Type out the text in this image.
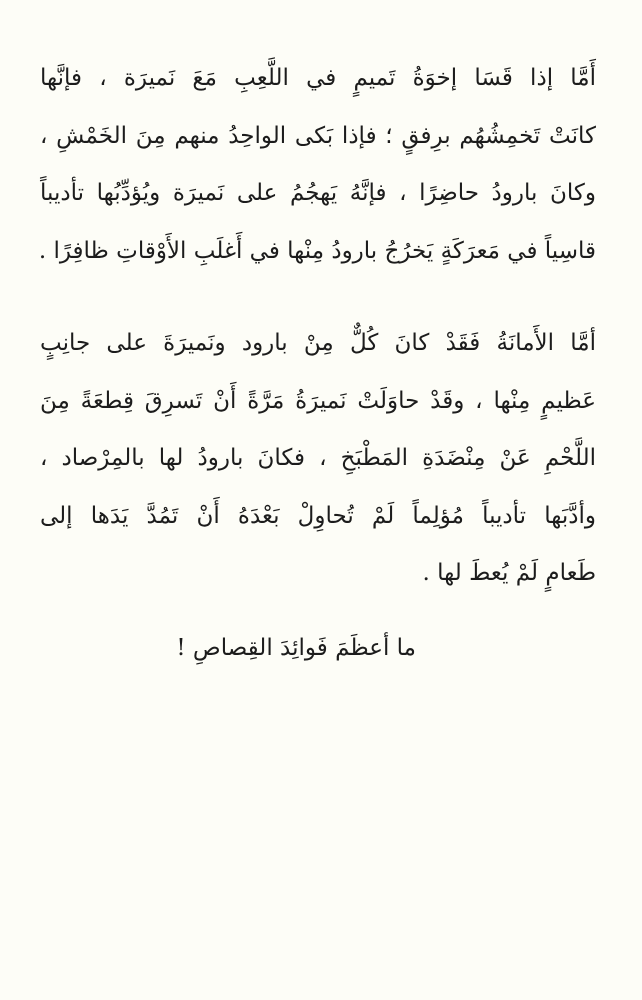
أَمَّا إذا قَسَا إخوَةُ تَميمٍ في اللَّعِبِ مَعَ نَميرَة ، فإنَّها
كانَتْ تَخمِشُهُم برِفقٍ ؛ فإذا بَكى الواحِدُ منهم مِنَ الخَمْشِ ،
وكانَ بارودُ حاضِرًا ، فإنَّهُ يَهجُمُ على نَميرَة ويُؤدِّبُها تأديباً
قاسِياً في مَعرَكَةٍ يَخرُجُ بارودُ مِنْها في أَغلَبِ الأَوْقاتِ ظافِرًا .
أمَّا الأَمانَةُ فَقَدْ كانَ كُلٌّ مِنْ بارود ونَميرَةَ على جانِبٍ
عَظيمٍ مِنْها ، وقَدْ حاوَلَتْ نَميرَةُ مَرَّةً أَنْ تَسرِقَ قِطعَةً مِنَ
اللَّحْمِ عَنْ مِنْضَدَةِ المَطْبَخِ ، فكانَ بارودُ لها بالمِرْصاد ،
وأدَّبَها تأديباً مُؤلِماً لَمْ تُحاوِلْ بَعْدَهُ أَنْ تَمُدَّ يَدَها إلى
طَعامٍ لَمْ يُعطَ لها .
ما أعظَمَ فَوائِدَ القِصاصِ !
